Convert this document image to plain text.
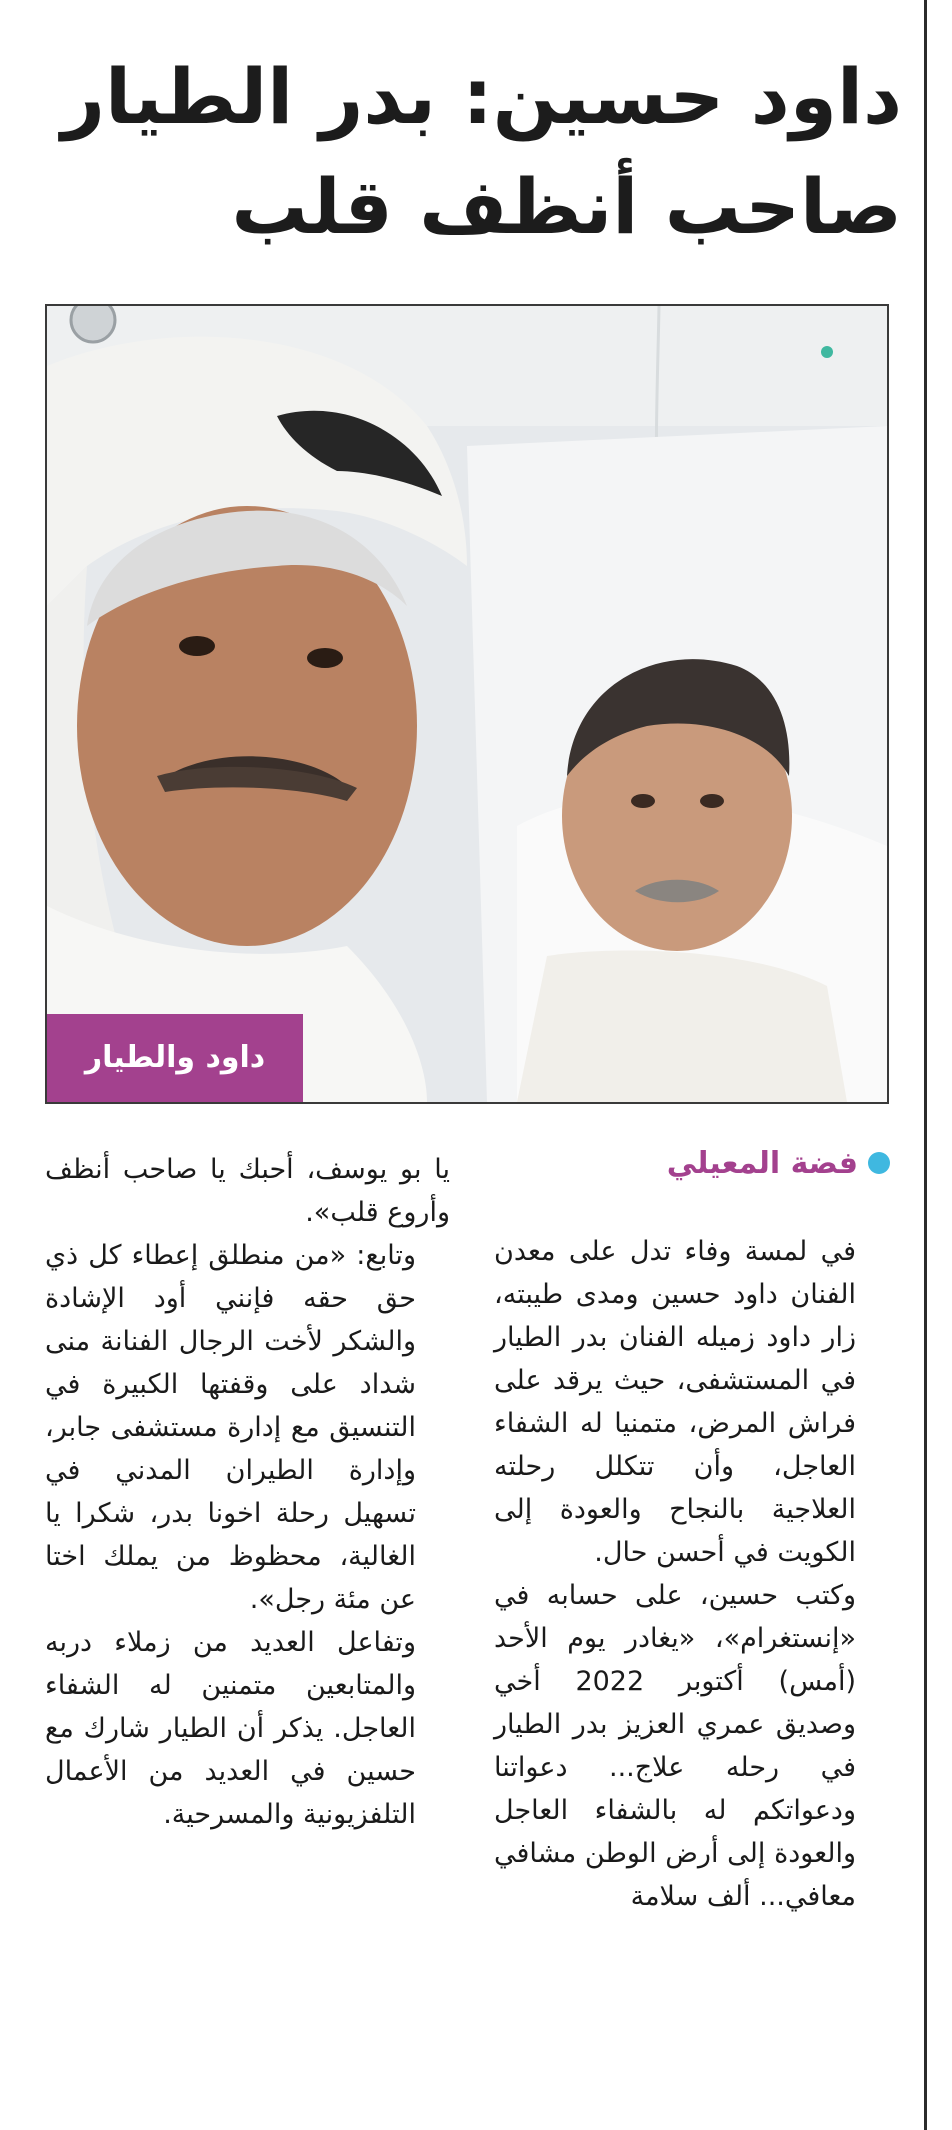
داود حسين: بدر الطيار
صاحب أنظف قلب
داود والطيار
فضة المعيلي

في لمسة وفاء تدل على معدن الفنان داود حسين ومدى طيبته، زار داود زميله الفنان بدر الطيار في المستشفى، حيث يرقد على فراش المرض، متمنيا له الشفاء العاجل، وأن تتكلل رحلته العلاجية بالنجاح والعودة إلى الكويت في أحسن حال.

وكتب حسين، على حسابه في «إنستغرام»، «يغادر يوم الأحد (أمس) أكتوبر 2022 أخي وصديق عمري العزيز بدر الطيار في رحله علاج... دعواتنا ودعواتكم له بالشفاء العاجل والعودة إلى أرض الوطن مشافي معافي... ألف سلامة

يا بو يوسف، أحبك يا صاحب أنظف وأروع قلب».

وتابع: «من منطلق إعطاء كل ذي حق حقه فإنني أود الإشادة والشكر لأخت الرجال الفنانة منى شداد على وقفتها الكبيرة في التنسيق مع إدارة مستشفى جابر، وإدارة الطيران المدني في تسهيل رحلة اخونا بدر، شكرا يا الغالية، محظوظ من يملك اختا عن مئة رجل».

وتفاعل العديد من زملاء دربه والمتابعين متمنين له الشفاء العاجل. يذكر أن الطيار شارك مع حسين في العديد من الأعمال التلفزيونية والمسرحية.
